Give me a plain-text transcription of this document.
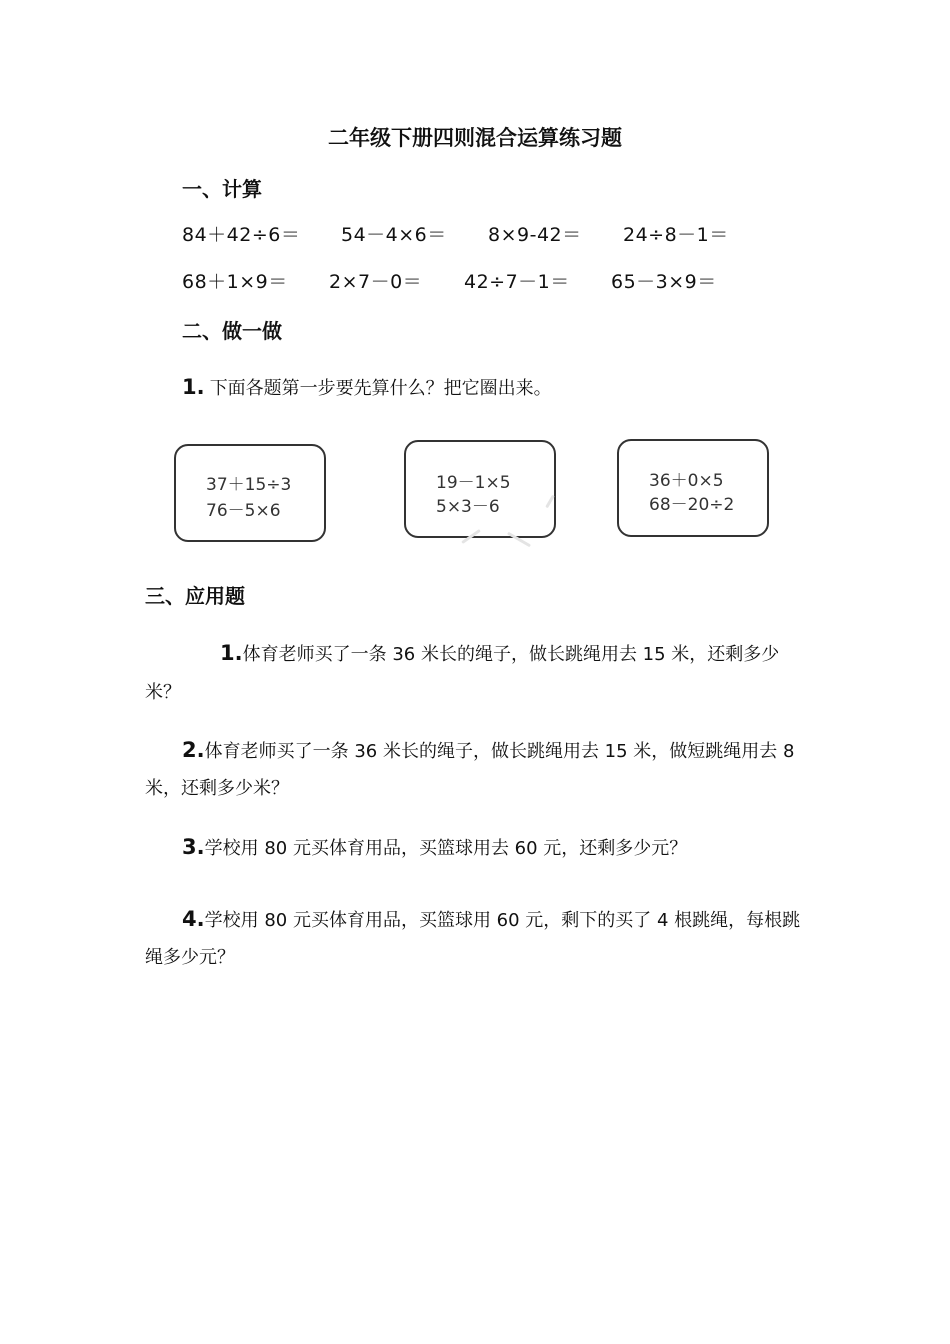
二年级下册四则混合运算练习题
一、计算
84＋42÷6＝ 54－4×6＝ 8×9-42＝ 24÷8－1＝
68＋1×9＝ 2×7－0＝ 42÷7－1＝ 65－3×9＝
二、做一做
1. 下面各题第一步要先算什么？把它圈出来。
37＋15÷3
76－5×6
19－1×5
5×3－6
36＋0×5
68－20÷2
三、应用题
1.体育老师买了一条 36 米长的绳子，做长跳绳用去 15 米，还剩多少
米？
2.体育老师买了一条 36 米长的绳子，做长跳绳用去 15 米，做短跳绳用去 8
米，还剩多少米？
3.学校用 80 元买体育用品，买篮球用去 60 元，还剩多少元？
4.学校用 80 元买体育用品，买篮球用 60 元，剩下的买了 4 根跳绳，每根跳
绳多少元？
